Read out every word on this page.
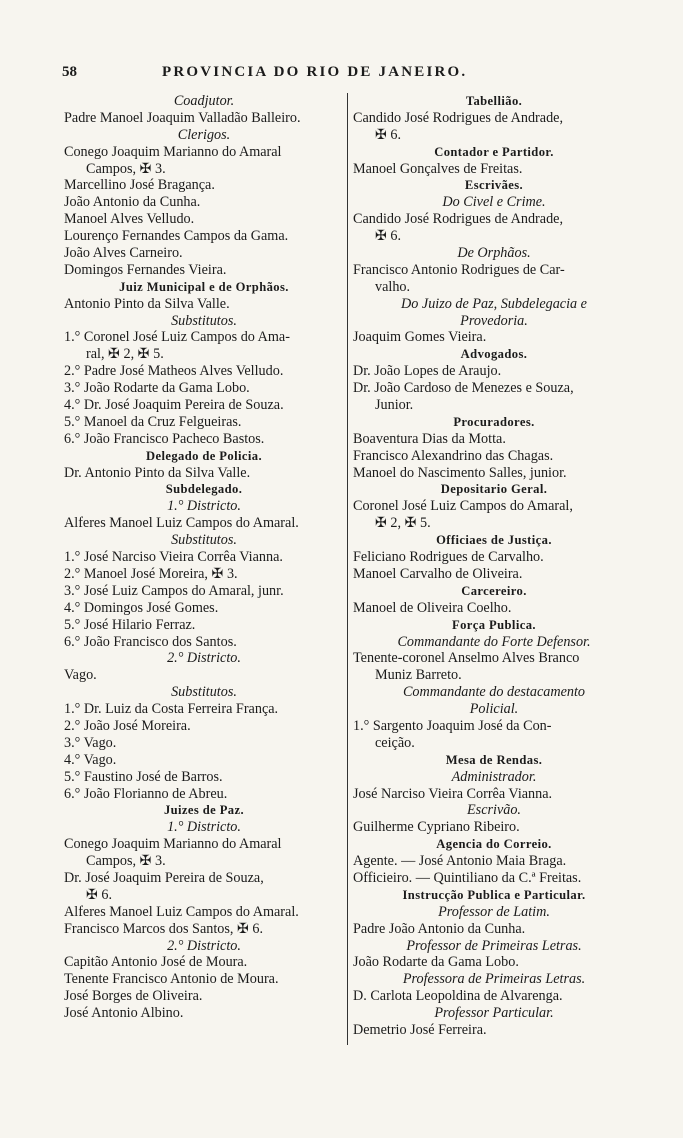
58	PROVINCIA DO RIO DE JANEIRO.
Coadjutor.
Padre Manoel Joaquim Valladão Balleiro.
Clerigos.
Conego Joaquim Marianno do Amaral
Campos, ✠ 3.
Marcellino José Bragança.
João Antonio da Cunha.
Manoel Alves Velludo.
Lourenço Fernandes Campos da Gama.
João Alves Carneiro.
Domingos Fernandes Vieira.
Juiz Municipal e de Orphãos.
Antonio Pinto da Silva Valle.
Substitutos.
1.° Coronel José Luiz Campos do Ama-
ral, ✠ 2, ✠ 5.
2.° Padre José Matheos Alves Velludo.
3.° João Rodarte da Gama Lobo.
4.° Dr. José Joaquim Pereira de Souza.
5.° Manoel da Cruz Felgueiras.
6.° João Francisco Pacheco Bastos.
Delegado de Policia.
Dr. Antonio Pinto da Silva Valle.
Subdelegado.
1.° Districto.
Alferes Manoel Luiz Campos do Amaral.
Substitutos.
1.° José Narciso Vieira Corrêa Vianna.
2.° Manoel José Moreira, ✠ 3.
3.° José Luiz Campos do Amaral, junr.
4.° Domingos José Gomes.
5.° José Hilario Ferraz.
6.° João Francisco dos Santos.
2.° Districto.
Vago.
Substitutos.
1.° Dr. Luiz da Costa Ferreira França.
2.° João José Moreira.
3.° Vago.
4.° Vago.
5.° Faustino José de Barros.
6.° João Florianno de Abreu.
Juizes de Paz.
1.° Districto.
Conego Joaquim Marianno do Amaral
Campos, ✠ 3.
Dr. José Joaquim Pereira de Souza,
✠ 6.
Alferes Manoel Luiz Campos do Amaral.
Francisco Marcos dos Santos, ✠ 6.
2.° Districto.
Capitão Antonio José de Moura.
Tenente Francisco Antonio de Moura.
José Borges de Oliveira.
José Antonio Albino.
Tabellião.
Candido José Rodrigues de Andrade,
✠ 6.
Contador e Partidor.
Manoel Gonçalves de Freitas.
Escrivães.
Do Civel e Crime.
Candido José Rodrigues de Andrade,
✠ 6.
De Orphãos.
Francisco Antonio Rodrigues de Car-
valho.
Do Juizo de Paz, Subdelegacia e
Provedoria.
Joaquim Gomes Vieira.
Advogados.
Dr. João Lopes de Araujo.
Dr. João Cardoso de Menezes e Souza,
Junior.
Procuradores.
Boaventura Dias da Motta.
Francisco Alexandrino das Chagas.
Manoel do Nascimento Salles, junior.
Depositario Geral.
Coronel José Luiz Campos do Amaral,
✠ 2, ✠ 5.
Officiaes de Justiça.
Feliciano Rodrigues de Carvalho.
Manoel Carvalho de Oliveira.
Carcereiro.
Manoel de Oliveira Coelho.
Força Publica.
Commandante do Forte Defensor.
Tenente-coronel Anselmo Alves Branco
Muniz Barreto.
Commandante do destacamento
Policial.
1.° Sargento Joaquim José da Con-
ceição.
Mesa de Rendas.
Administrador.
José Narciso Vieira Corrêa Vianna.
Escrivão.
Guilherme Cypriano Ribeiro.
Agencia do Correio.
Agente. — José Antonio Maia Braga.
Officieiro. — Quintiliano da C.ª Freitas.
Instrucção Publica e Particular.
Professor de Latim.
Padre João Antonio da Cunha.
Professor de Primeiras Letras.
João Rodarte da Gama Lobo.
Professora de Primeiras Letras.
D. Carlota Leopoldina de Alvarenga.
Professor Particular.
Demetrio José Ferreira.
